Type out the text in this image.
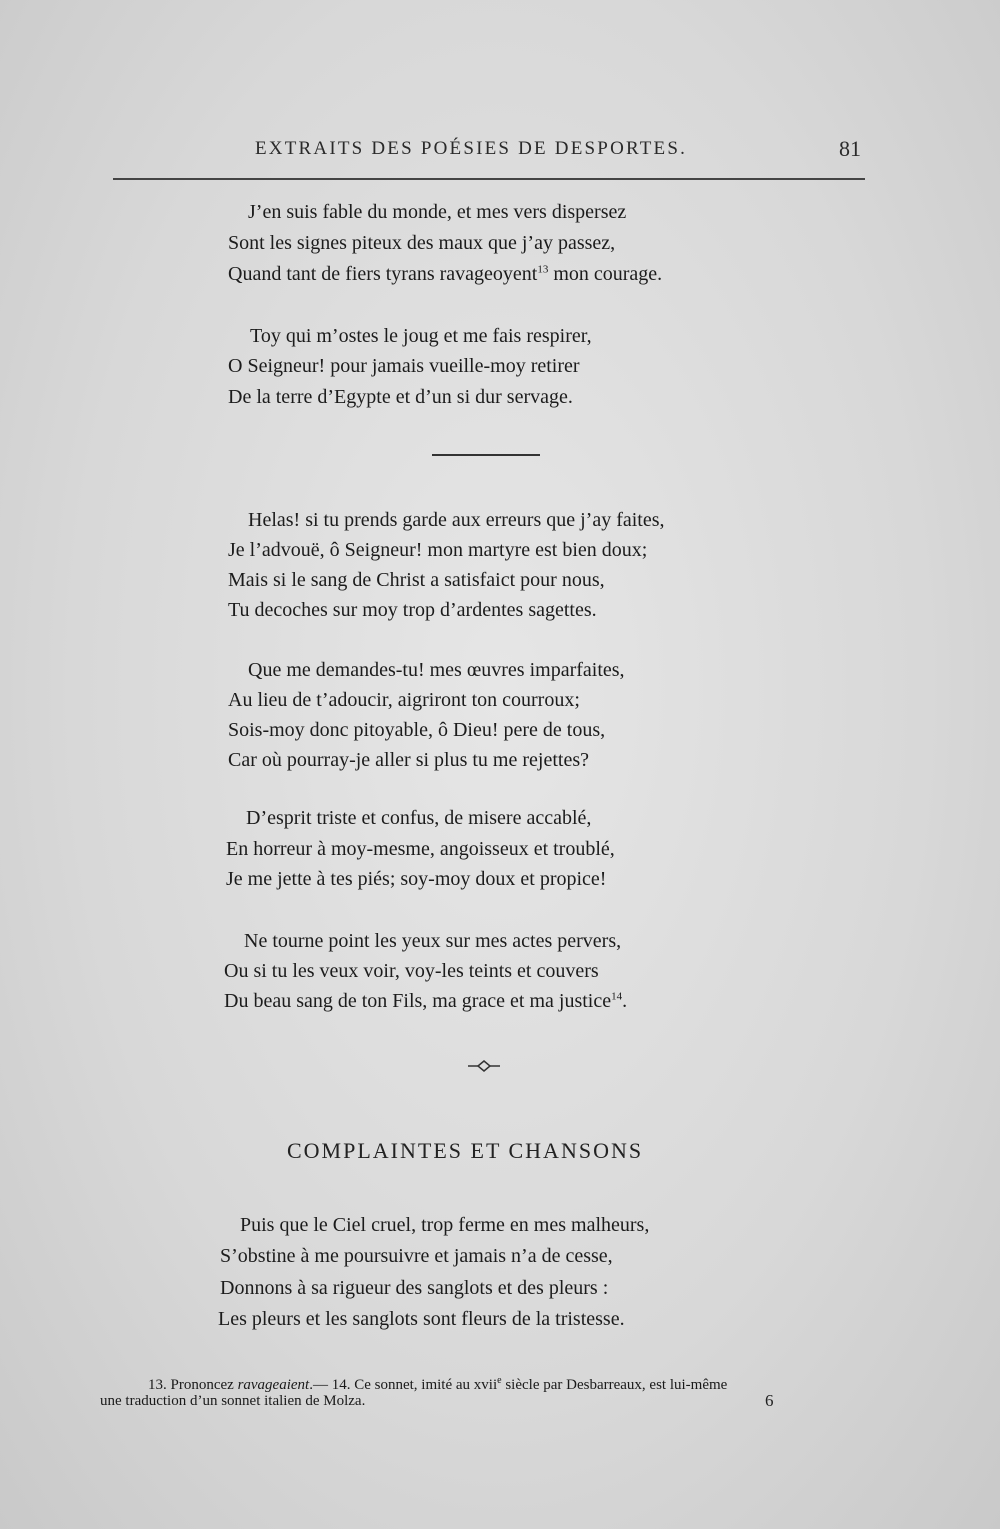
EXTRAITS DES POÉSIES DE DESPORTES.	81
J’en suis fable du monde, et mes vers dispersez
Sont les signes piteux des maux que j’ay passez,
Quand tant de fiers tyrans ravageoyent$^{13}$ mon courage.
Toy qui m’ostes le joug et me fais respirer,
O Seigneur! pour jamais vueille-moy retirer
De la terre d’Egypte et d’un si dur servage.
Helas! si tu prends garde aux erreurs que j’ay faites,
Je l’advouë, ô Seigneur! mon martyre est bien doux;
Mais si le sang de Christ a satisfaict pour nous,
Tu decoches sur moy trop d’ardentes sagettes.
Que me demandes-tu! mes œuvres imparfaites,
Au lieu de t’adoucir, aigriront ton courroux;
Sois-moy donc pitoyable, ô Dieu! pere de tous,
Car où pourray-je aller si plus tu me rejettes?
D’esprit triste et confus, de misere accablé,
En horreur à moy-mesme, angoisseux et troublé,
Je me jette à tes piés; soy-moy doux et propice!
Ne tourne point les yeux sur mes actes pervers,
Ou si tu les veux voir, voy-les teints et couvers
Du beau sang de ton Fils, ma grace et ma justice$^{14}$.
COMPLAINTES ET CHANSONS
Puis que le Ciel cruel, trop ferme en mes malheurs,
S’obstine à me poursuivre et jamais n’a de cesse,
Donnons à sa rigueur des sanglots et des pleurs :
Les pleurs et les sanglots sont fleurs de la tristesse.
13. Prononcez ravageaient.— 14. Ce sonnet, imité au xvii$^e$ siècle par Desbarreaux, est lui-même
une traduction d’un sonnet italien de Molza.	6
